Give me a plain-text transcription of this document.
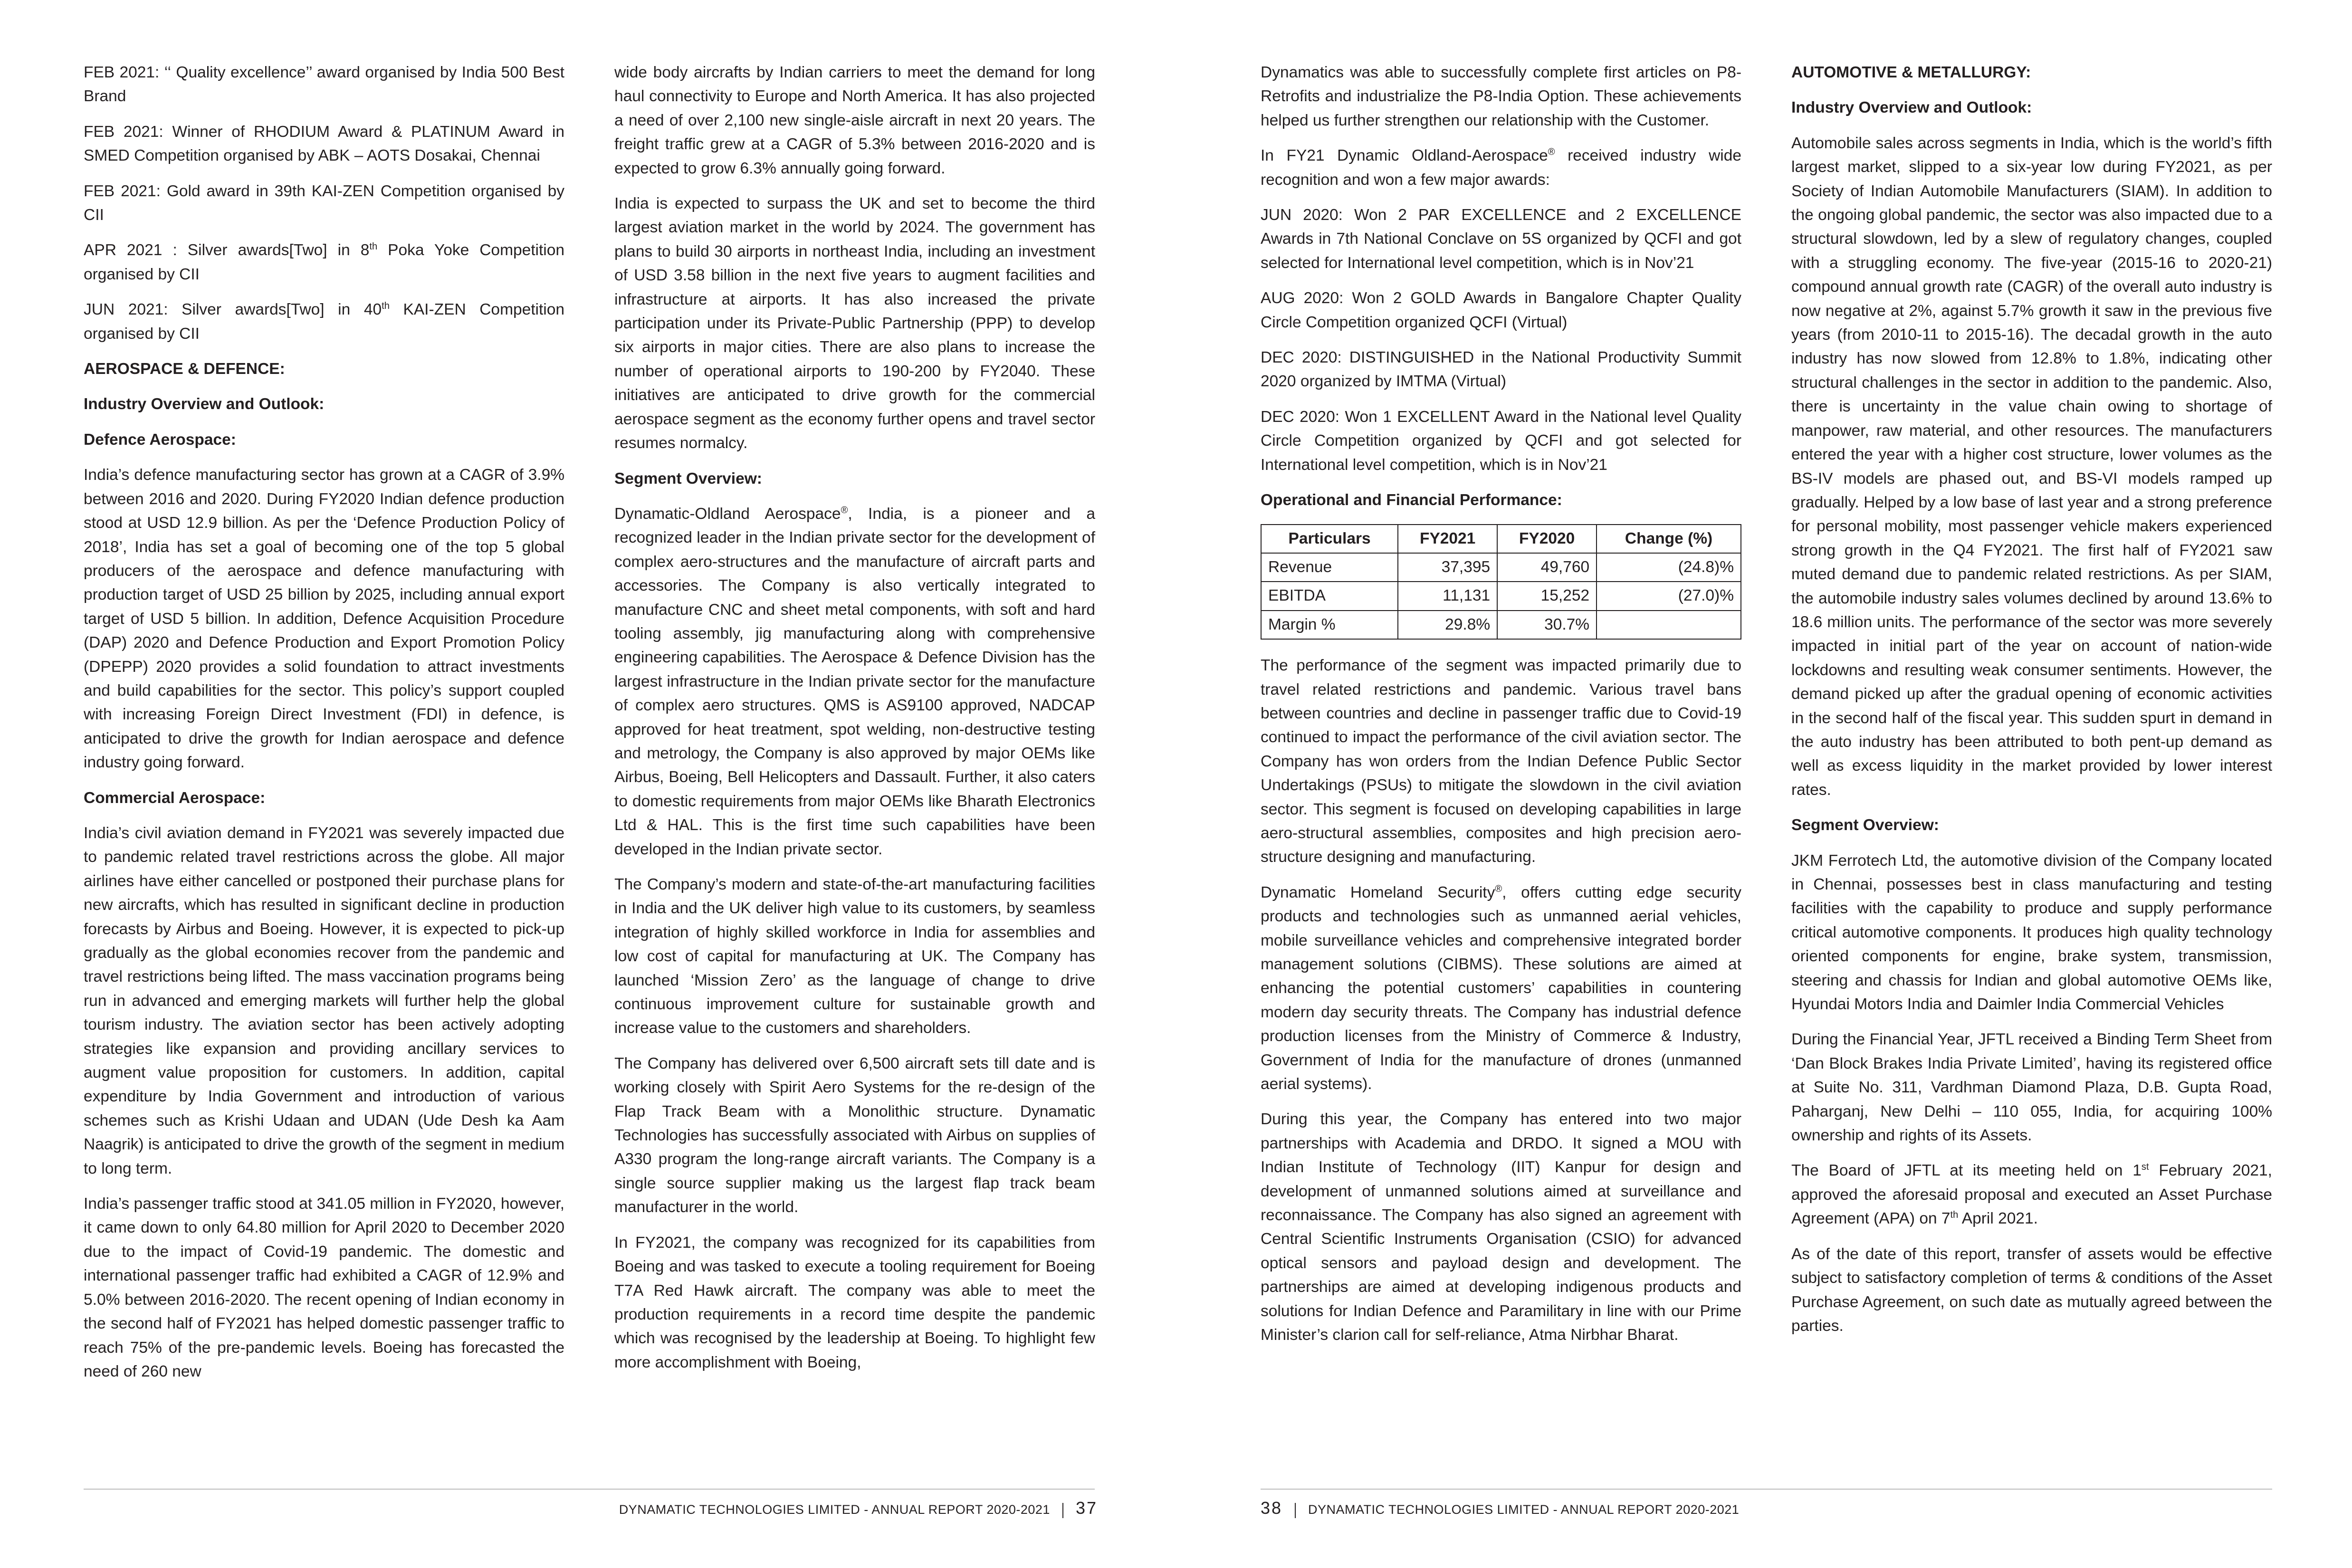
FEB 2021: ‘‘ Quality excellence’’ award organised by India 500 Best Brand

FEB 2021: Winner of RHODIUM Award & PLATINUM Award in SMED Competition organised by ABK – AOTS Dosakai, Chennai

FEB 2021: Gold award in 39th KAI-ZEN Competition organised by CII

APR 2021 : Silver awards[Two] in 8th Poka Yoke Competition organised by CII

JUN 2021: Silver awards[Two] in 40th KAI-ZEN Competition organised by CII

AEROSPACE & DEFENCE:
Industry Overview and Outlook:
Defence Aerospace:

India’s defence manufacturing sector has grown at a CAGR of 3.9% between 2016 and 2020. During FY2020 Indian defence production stood at USD 12.9 billion. As per the ‘Defence Production Policy of 2018’, India has set a goal of becoming one of the top 5 global producers of the aerospace and defence manufacturing with production target of USD 25 billion by 2025, including annual export target of USD 5 billion. In addition, Defence Acquisition Procedure (DAP) 2020 and Defence Production and Export Promotion Policy (DPEPP) 2020 provides a solid foundation to attract investments and build capabilities for the sector. This policy’s support coupled with increasing Foreign Direct Investment (FDI) in defence, is anticipated to drive the growth for Indian aerospace and defence industry going forward.

Commercial Aerospace:

India’s civil aviation demand in FY2021 was severely impacted due to pandemic related travel restrictions across the globe. All major airlines have either cancelled or postponed their purchase plans for new aircrafts, which has resulted in significant decline in production forecasts by Airbus and Boeing. However, it is expected to pick-up gradually as the global economies recover from the pandemic and travel restrictions being lifted. The mass vaccination programs being run in advanced and emerging markets will further help the global tourism industry. The aviation sector has been actively adopting strategies like expansion and providing ancillary services to augment value proposition for customers. In addition, capital expenditure by India Government and introduction of various schemes such as Krishi Udaan and UDAN (Ude Desh ka Aam Naagrik) is anticipated to drive the growth of the segment in medium to long term.

India’s passenger traffic stood at 341.05 million in FY2020, however, it came down to only 64.80 million for April 2020 to December 2020 due to the impact of Covid-19 pandemic. The domestic and international passenger traffic had exhibited a CAGR of 12.9% and 5.0% between 2016-2020. The recent opening of Indian economy in the second half of FY2021 has helped domestic passenger traffic to reach 75% of the pre-pandemic levels. Boeing has forecasted the need of 260 new

wide body aircrafts by Indian carriers to meet the demand for long haul connectivity to Europe and North America. It has also projected a need of over 2,100 new single-aisle aircraft in next 20 years. The freight traffic grew at a CAGR of 5.3% between 2016-2020 and is expected to grow 6.3% annually going forward.

India is expected to surpass the UK and set to become the third largest aviation market in the world by 2024. The government has plans to build 30 airports in northeast India, including an investment of USD 3.58 billion in the next five years to augment facilities and infrastructure at airports. It has also increased the private participation under its Private-Public Partnership (PPP) to develop six airports in major cities. There are also plans to increase the number of operational airports to 190-200 by FY2040. These initiatives are anticipated to drive growth for the commercial aerospace segment as the economy further opens and travel sector resumes normalcy.

Segment Overview:

Dynamatic-Oldland Aerospace®, India, is a pioneer and a recognized leader in the Indian private sector for the development of complex aero-structures and the manufacture of aircraft parts and accessories. The Company is also vertically integrated to manufacture CNC and sheet metal components, with soft and hard tooling assembly, jig manufacturing along with comprehensive engineering capabilities. The Aerospace & Defence Division has the largest infrastructure in the Indian private sector for the manufacture of complex aero structures. QMS is AS9100 approved, NADCAP approved for heat treatment, spot welding, non-destructive testing and metrology, the Company is also approved by major OEMs like Airbus, Boeing, Bell Helicopters and Dassault. Further, it also caters to domestic requirements from major OEMs like Bharath Electronics Ltd & HAL. This is the first time such capabilities have been developed in the Indian private sector.

The Company’s modern and state-of-the-art manufacturing facilities in India and the UK deliver high value to its customers, by seamless integration of highly skilled workforce in India for assemblies and low cost of capital for manufacturing at UK. The Company has launched ‘Mission Zero’ as the language of change to drive continuous improvement culture for sustainable growth and increase value to the customers and shareholders.

The Company has delivered over 6,500 aircraft sets till date and is working closely with Spirit Aero Systems for the re-design of the Flap Track Beam with a Monolithic structure. Dynamatic Technologies has successfully associated with Airbus on supplies of A330 program the long-range aircraft variants. The Company is a single source supplier making us the largest flap track beam manufacturer in the world.

In FY2021, the company was recognized for its capabilities from Boeing and was tasked to execute a tooling requirement for Boeing T7A Red Hawk aircraft. The company was able to meet the production requirements in a record time despite the pandemic which was recognised by the leadership at Boeing. To highlight few more accomplishment with Boeing,

Dynamatics was able to successfully complete first articles on P8-Retrofits and industrialize the P8-India Option. These achievements helped us further strengthen our relationship with the Customer.

In FY21 Dynamic Oldland-Aerospace® received industry wide recognition and won a few major awards:

JUN 2020: Won 2 PAR EXCELLENCE and 2 EXCELLENCE Awards in 7th National Conclave on 5S organized by QCFI and got selected for International level competition, which is in Nov’21

AUG 2020: Won 2 GOLD Awards in Bangalore Chapter Quality Circle Competition organized QCFI (Virtual)

DEC 2020: DISTINGUISHED in the National Productivity Summit 2020 organized by IMTMA (Virtual)

DEC 2020: Won 1 EXCELLENT Award in the National level Quality Circle Competition organized by QCFI and got selected for International level competition, which is in Nov’21

Operational and Financial Performance:
Particulars	FY2021	FY2020	Change (%)
Revenue	37,395	49,760	(24.8)%
EBITDA	11,131	15,252	(27.0)%
Margin %	29.8%	30.7%	

The performance of the segment was impacted primarily due to travel related restrictions and pandemic. Various travel bans between countries and decline in passenger traffic due to Covid-19 continued to impact the performance of the civil aviation sector. The Company has won orders from the Indian Defence Public Sector Undertakings (PSUs) to mitigate the slowdown in the civil aviation sector. This segment is focused on developing capabilities in large aero-structural assemblies, composites and high precision aero- structure designing and manufacturing.

Dynamatic Homeland Security®, offers cutting edge security products and technologies such as unmanned aerial vehicles, mobile surveillance vehicles and comprehensive integrated border management solutions (CIBMS). These solutions are aimed at enhancing the potential customers’ capabilities in countering modern day security threats. The Company has industrial defence production licenses from the Ministry of Commerce & Industry, Government of India for the manufacture of drones (unmanned aerial systems).

During this year, the Company has entered into two major partnerships with Academia and DRDO. It signed a MOU with Indian Institute of Technology (IIT) Kanpur for design and development of unmanned solutions aimed at surveillance and reconnaissance. The Company has also signed an agreement with Central Scientific Instruments Organisation (CSIO) for advanced optical sensors and payload design and development. The partnerships are aimed at developing indigenous products and solutions for Indian Defence and Paramilitary in line with our Prime Minister’s clarion call for self-reliance, Atma Nirbhar Bharat.

AUTOMOTIVE & METALLURGY:
Industry Overview and Outlook:

Automobile sales across segments in India, which is the world’s fifth largest market, slipped to a six-year low during FY2021, as per Society of Indian Automobile Manufacturers (SIAM). In addition to the ongoing global pandemic, the sector was also impacted due to a structural slowdown, led by a slew of regulatory changes, coupled with a struggling economy. The five-year (2015-16 to 2020-21) compound annual growth rate (CAGR) of the overall auto industry is now negative at 2%, against 5.7% growth it saw in the previous five years (from 2010-11 to 2015-16). The decadal growth in the auto industry has now slowed from 12.8% to 1.8%, indicating other structural challenges in the sector in addition to the pandemic. Also, there is uncertainty in the value chain owing to shortage of manpower, raw material, and other resources. The manufacturers entered the year with a higher cost structure, lower volumes as the BS-IV models are phased out, and BS-VI models ramped up gradually. Helped by a low base of last year and a strong preference for personal mobility, most passenger vehicle makers experienced strong growth in the Q4 FY2021. The first half of FY2021 saw muted demand due to pandemic related restrictions. As per SIAM, the automobile industry sales volumes declined by around 13.6% to 18.6 million units. The performance of the sector was more severely impacted in initial part of the year on account of nation-wide lockdowns and resulting weak consumer sentiments. However, the demand picked up after the gradual opening of economic activities in the second half of the fiscal year. This sudden spurt in demand in the auto industry has been attributed to both pent-up demand as well as excess liquidity in the market provided by lower interest rates.

Segment Overview:

JKM Ferrotech Ltd, the automotive division of the Company located in Chennai, possesses best in class manufacturing and testing facilities with the capability to produce and supply performance critical automotive components. It produces high quality technology oriented components for engine, brake system, transmission, steering and chassis for Indian and global automotive OEMs like, Hyundai Motors India and Daimler India Commercial Vehicles

During the Financial Year, JFTL received a Binding Term Sheet from ‘Dan Block Brakes India Private Limited’, having its registered office at Suite No. 311, Vardhman Diamond Plaza, D.B. Gupta Road, Paharganj, New Delhi – 110 055, India, for acquiring 100% ownership and rights of its Assets.

The Board of JFTL at its meeting held on 1st February 2021, approved the aforesaid proposal and executed an Asset Purchase Agreement (APA) on 7th April 2021.

As of the date of this report, transfer of assets would be effective subject to satisfactory completion of terms & conditions of the Asset Purchase Agreement, on such date as mutually agreed between the parties.

DYNAMATIC TECHNOLOGIES LIMITED - ANNUAL REPORT 2020-2021 37	38 DYNAMATIC TECHNOLOGIES LIMITED - ANNUAL REPORT 2020-2021
